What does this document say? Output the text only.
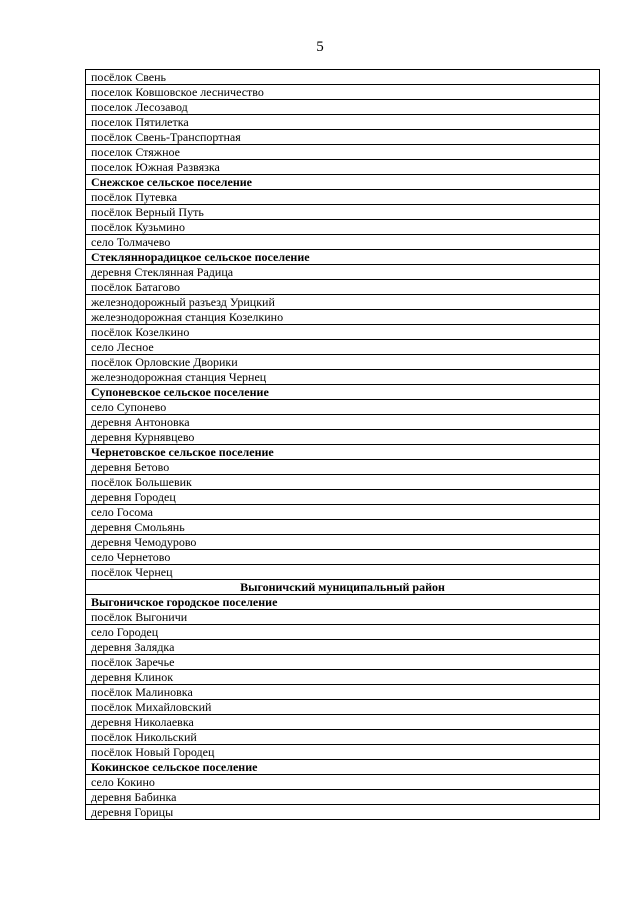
5
посёлок Свень
поселок Ковшовское лесничество
поселок Лесозавод
поселок Пятилетка
посёлок Свень-Транспортная
поселок Стяжное
поселок Южная Развязка
Снежское сельское поселение
посёлок Путевка
посёлок Верный Путь
посёлок Кузьмино
село Толмачево
Стекляннорадицкое сельское поселение
деревня Стеклянная Радица
посёлок Батагово
железнодорожный разъезд Урицкий
железнодорожная станция Козелкино
посёлок Козелкино
село Лесное
посёлок Орловские Дворики
железнодорожная станция Чернец
Супоневское сельское поселение
село Супонево
деревня Антоновка
деревня Курнявцево
Чернетовское сельское поселение
деревня Бетово
посёлок Большевик
деревня Городец
село Госома
деревня Смольянь
деревня Чемодурово
село Чернетово
посёлок Чернец
Выгоничский муниципальный район
Выгоничское городское поселение
посёлок Выгоничи
село Городец
деревня Залядка
посёлок Заречье
деревня Клинок
посёлок Малиновка
посёлок Михайловский
деревня Николаевка
посёлок Никольский
посёлок Новый Городец
Кокинское сельское поселение
село Кокино
деревня Бабинка
деревня Горицы
